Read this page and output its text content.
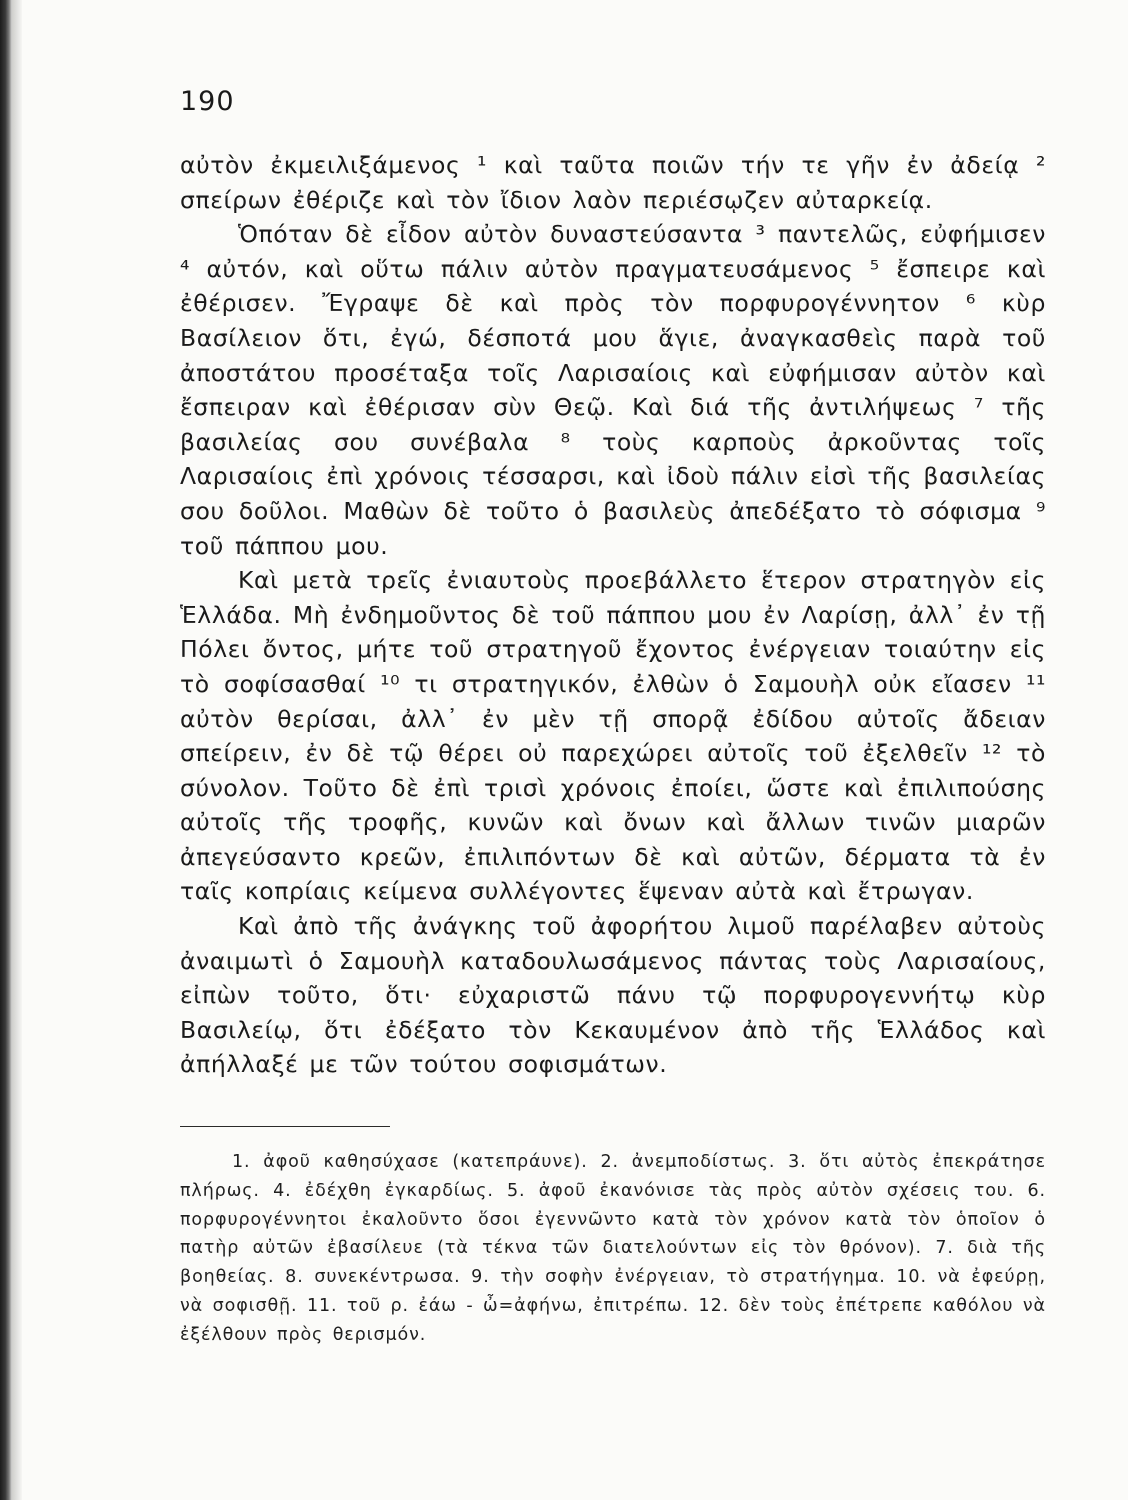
190

αὐτὸν ἐκμειλιξάμενος ¹ καὶ ταῦτα ποιῶν τήν τε γῆν ἐν ἀδείᾳ ² σπείρων ἐθέριζε καὶ τὸν ἴδιον λαὸν περιέσῳζεν αὐταρκείᾳ.

Ὁπόταν δὲ εἶδον αὐτὸν δυναστεύσαντα ³ παντελῶς, εὐφήμισεν ⁴ αὐτόν, καὶ οὕτω πάλιν αὐτὸν πραγματευσάμενος ⁵ ἔσπειρε καὶ ἐθέρισεν. Ἔγραψε δὲ καὶ πρὸς τὸν πορφυρογέννητον ⁶ κὺρ Βασίλειον ὅτι, ἐγώ, δέσποτά μου ἅγιε, ἀναγκασθεὶς παρὰ τοῦ ἀποστάτου προσέταξα τοῖς Λαρισαίοις καὶ εὐφήμισαν αὐτὸν καὶ ἔσπειραν καὶ ἐθέρισαν σὺν Θεῷ. Καὶ διά τῆς ἀντιλήψεως ⁷ τῆς βασιλείας σου συνέβαλα ⁸ τοὺς καρποὺς ἀρκοῦντας τοῖς Λαρισαίοις ἐπὶ χρόνοις τέσσαρσι, καὶ ἰδοὺ πάλιν εἰσὶ τῆς βασιλείας σου δοῦλοι. Μαθὼν δὲ τοῦτο ὁ βασιλεὺς ἀπεδέξατο τὸ σόφισμα ⁹ τοῦ πάππου μου.

Καὶ μετὰ τρεῖς ἐνιαυτοὺς προεβάλλετο ἕτερον στρατηγὸν εἰς Ἑλλάδα. Μὴ ἐνδημοῦντος δὲ τοῦ πάππου μου ἐν Λαρίσῃ, ἀλλ᾽ ἐν τῇ Πόλει ὄντος, μήτε τοῦ στρατηγοῦ ἔχοντος ἐνέργειαν τοιαύτην εἰς τὸ σοφίσασθαί ¹⁰ τι στρατηγικόν, ἐλθὼν ὁ Σαμουὴλ οὐκ εἴασεν ¹¹ αὐτὸν θερίσαι, ἀλλ᾽ ἐν μὲν τῇ σπορᾷ ἐδίδου αὐτοῖς ἄδειαν σπείρειν, ἐν δὲ τῷ θέρει οὐ παρεχώρει αὐτοῖς τοῦ ἐξελθεῖν ¹² τὸ σύνολον. Τοῦτο δὲ ἐπὶ τρισὶ χρόνοις ἐποίει, ὥστε καὶ ἐπιλιπούσης αὐτοῖς τῆς τροφῆς, κυνῶν καὶ ὄνων καὶ ἄλλων τινῶν μιαρῶν ἀπεγεύσαντο κρεῶν, ἐπιλιπόντων δὲ καὶ αὐτῶν, δέρματα τὰ ἐν ταῖς κοπρίαις κείμενα συλλέγοντες ἕψεναν αὐτὰ καὶ ἔτρωγαν.

Καὶ ἀπὸ τῆς ἀνάγκης τοῦ ἀφορήτου λιμοῦ παρέλαβεν αὐτοὺς ἀναιμωτὶ ὁ Σαμουὴλ καταδουλωσάμενος πάντας τοὺς Λαρισαίους, εἰπὼν τοῦτο, ὅτι· εὐχαριστῶ πάνυ τῷ πορφυρογεννήτῳ κὺρ Βασιλείῳ, ὅτι ἐδέξατο τὸν Κεκαυμένον ἀπὸ τῆς Ἑλλάδος καὶ ἀπήλλαξέ με τῶν τούτου σοφισμάτων.

1. ἀφοῦ καθησύχασε (κατεπράυνε). 2. ἀνεμποδίστως. 3. ὅτι αὐτὸς ἐπεκράτησε πλήρως. 4. ἐδέχθη ἐγκαρδίως. 5. ἀφοῦ ἐκανόνισε τὰς πρὸς αὐτὸν σχέσεις του. 6. πορφυρογέννητοι ἐκαλοῦντο ὅσοι ἐγεννῶντο κατὰ τὸν χρόνον κατὰ τὸν ὁποῖον ὁ πατὴρ αὐτῶν ἐβασίλευε (τὰ τέκνα τῶν διατελούντων εἰς τὸν θρόνον). 7. διὰ τῆς βοηθείας. 8. συνεκέντρωσα. 9. τὴν σοφὴν ἐνέργειαν, τὸ στρατήγημα. 10. νὰ ἐφεύρῃ, νὰ σοφισθῇ. 11. τοῦ ρ. ἐάω - ὦ=ἀφήνω, ἐπιτρέπω. 12. δὲν τοὺς ἐπέτρεπε καθόλου νὰ ἐξέλθουν πρὸς θερισμόν.
